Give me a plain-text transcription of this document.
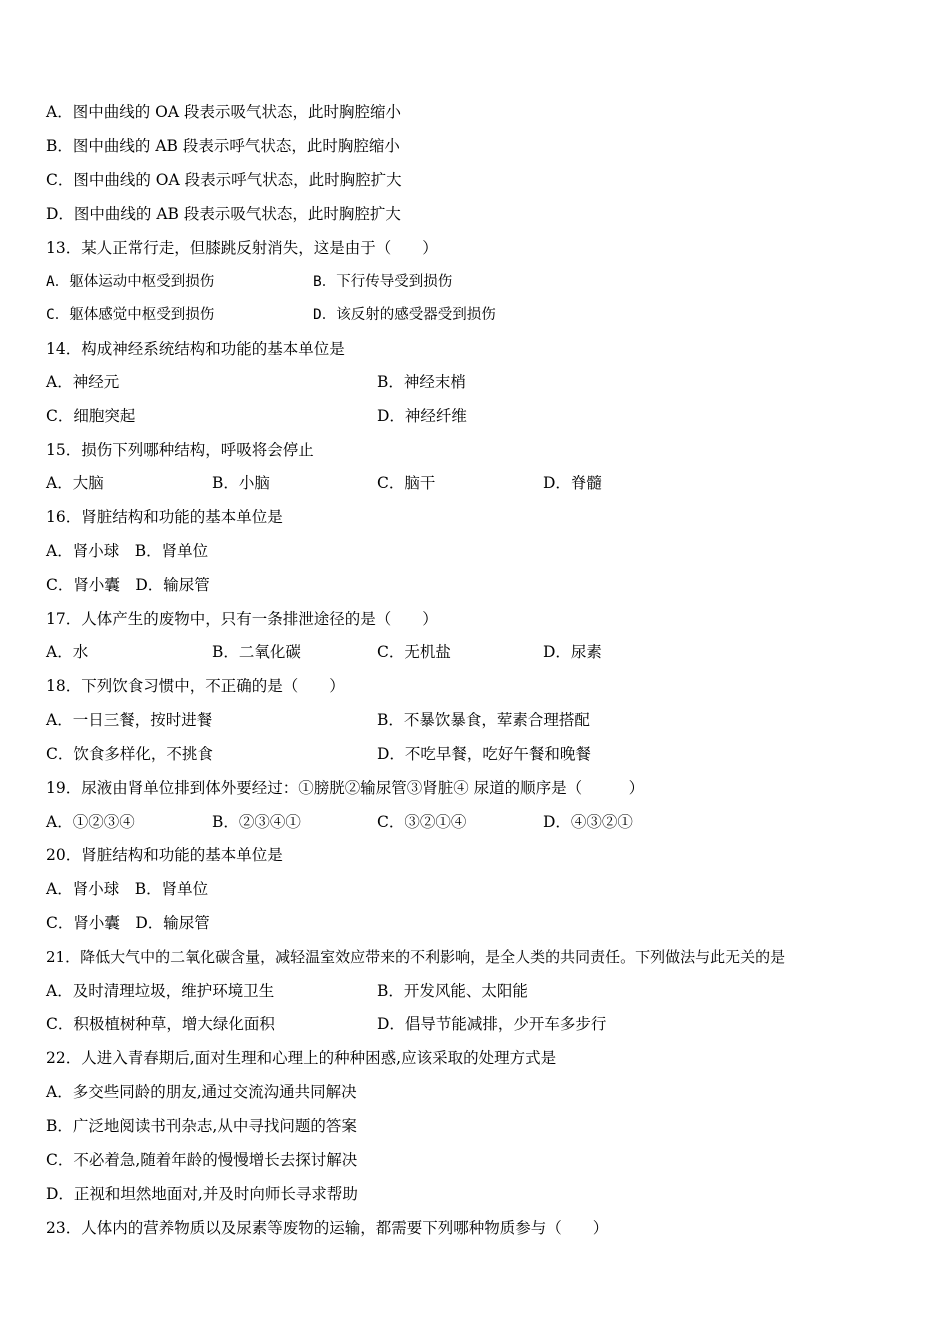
A．图中曲线的 OA 段表示吸气状态，此时胸腔缩小
B．图中曲线的 AB 段表示呼气状态，此时胸腔缩小
C．图中曲线的 OA 段表示呼气状态，此时胸腔扩大
D．图中曲线的 AB 段表示吸气状态，此时胸腔扩大
13．某人正常行走，但膝跳反射消失，这是由于（　　）
A．躯体运动中枢受到损伤	B．下行传导受到损伤
C．躯体感觉中枢受到损伤	D．该反射的感受器受到损伤
14．构成神经系统结构和功能的基本单位是
A．神经元	B．神经末梢
C．细胞突起	D．神经纤维
15．损伤下列哪种结构，呼吸将会停止
A．大脑	B．小脑	C．脑干	D．脊髓
16．肾脏结构和功能的基本单位是
A．肾小球　B．肾单位
C．肾小囊　D．输尿管
17．人体产生的废物中，只有一条排泄途径的是（　　）
A．水	B．二氧化碳	C．无机盐	D．尿素
18．下列饮食习惯中，不正确的是（　　）
A．一日三餐，按时进餐	B．不暴饮暴食，荤素合理搭配
C．饮食多样化，不挑食	D．不吃早餐，吃好午餐和晚餐
19．尿液由肾单位排到体外要经过：①膀胱②输尿管③肾脏④ 尿道的顺序是（　　　）
A．①②③④	B．②③④①	C．③②①④	D．④③②①
20．肾脏结构和功能的基本单位是
A．肾小球　B．肾单位
C．肾小囊　D．输尿管
21．降低大气中的二氧化碳含量，减轻温室效应带来的不利影响，是全人类的共同责任。下列做法与此无关的是
A．及时清理垃圾，维护环境卫生	B．开发风能、太阳能
C．积极植树种草，增大绿化面积	D．倡导节能减排，少开车多步行
22．人进入青春期后,面对生理和心理上的种种困惑,应该采取的处理方式是
A．多交些同龄的朋友,通过交流沟通共同解决
B．广泛地阅读书刊杂志,从中寻找问题的答案
C．不必着急,随着年龄的慢慢增长去探讨解决
D．正视和坦然地面对,并及时向师长寻求帮助
23．人体内的营养物质以及尿素等废物的运输，都需要下列哪种物质参与（　　）
